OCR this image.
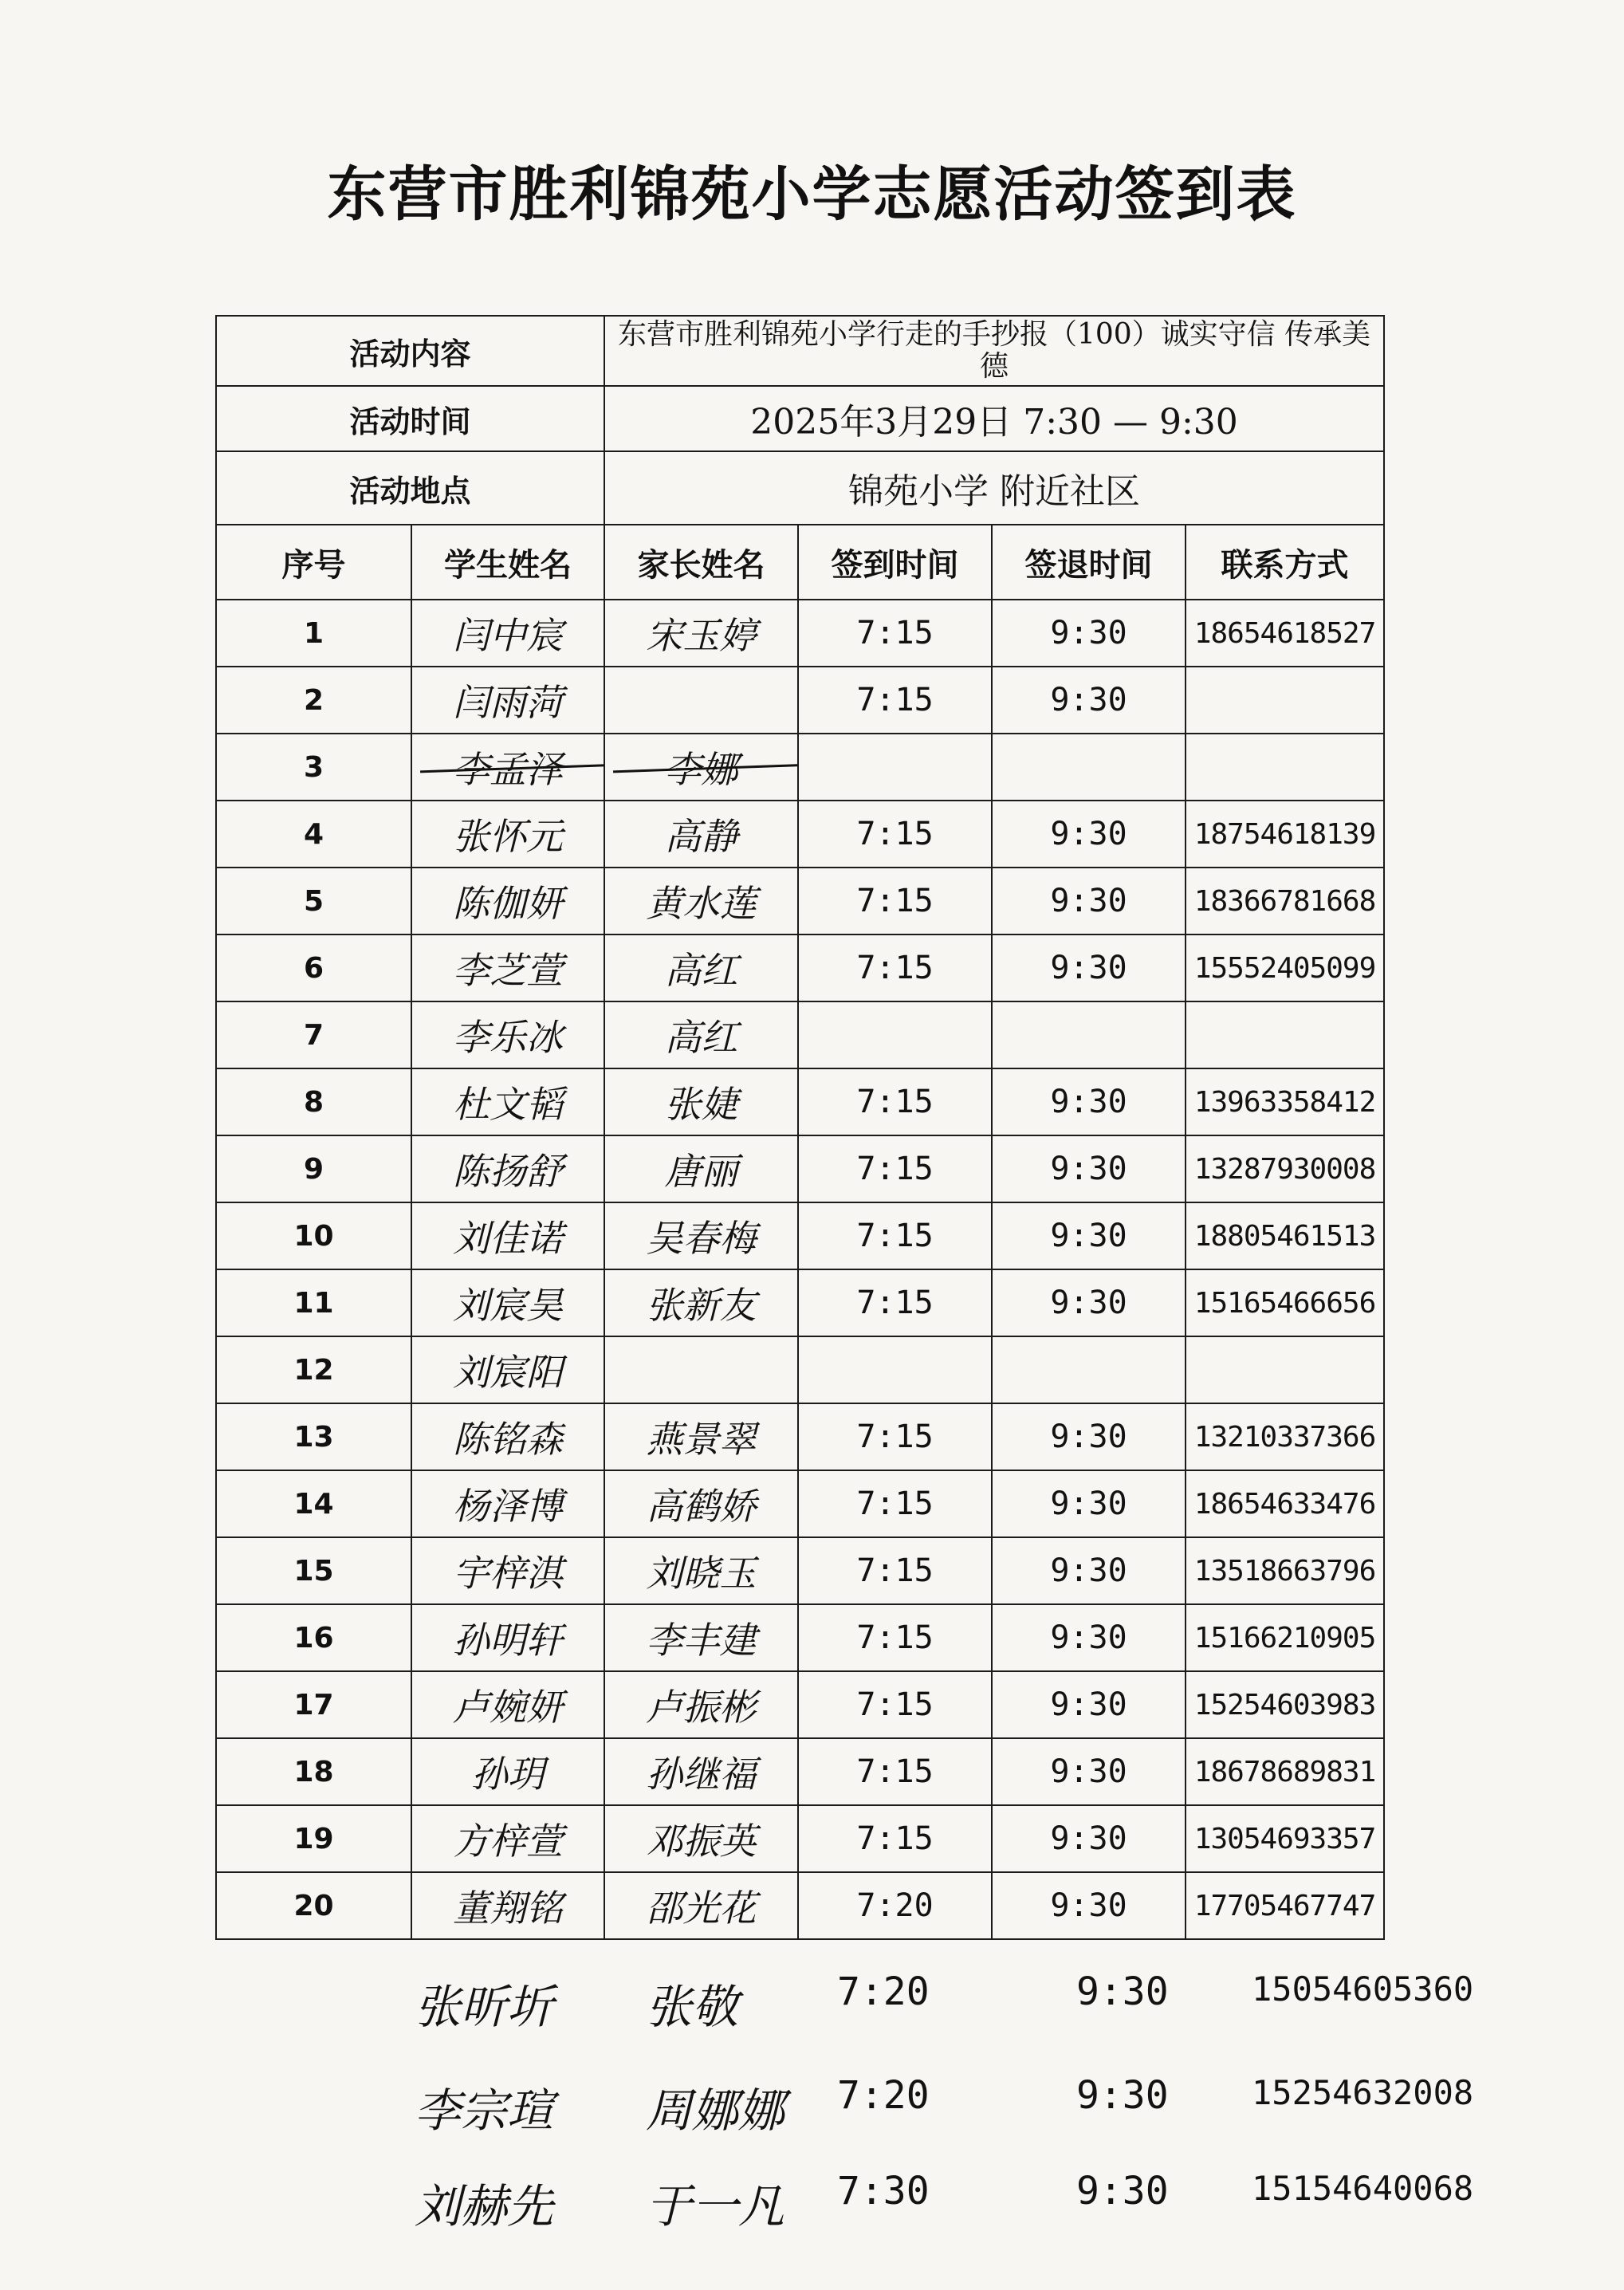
东营市胜利锦苑小学志愿活动签到表
活动内容		东营市胜利锦苑小学行走的手抄报（100）诚实守信 传承美德			
活动时间		2025年3月29日 7:30 — 9:30			
活动地点		锦苑小学 附近社区			
序号	学生姓名	家长姓名	签到时间	签退时间	联系方式
1	闫中宸	宋玉婷	7:15	9:30	18654618527
2	闫雨菏		7:15	9:30	
3	李孟泽	李娜			
4	张怀元	高静	7:15	9:30	18754618139
5	陈伽妍	黄水莲	7:15	9:30	18366781668
6	李芝萱	高红	7:15	9:30	15552405099
7	李乐冰	高红			
8	杜文韬	张婕	7:15	9:30	13963358412
9	陈扬舒	唐丽	7:15	9:30	13287930008
10	刘佳诺	吴春梅	7:15	9:30	18805461513
11	刘宸昊	张新友	7:15	9:30	15165466656
12	刘宸阳				
13	陈铭森	燕景翠	7:15	9:30	13210337366
14	杨泽博	高鹤娇	7:15	9:30	18654633476
15	宇梓淇	刘晓玉	7:15	9:30	13518663796
16	孙明轩	李丰建	7:15	9:30	15166210905
17	卢婉妍	卢振彬	7:15	9:30	15254603983
18	孙玥	孙继福	7:15	9:30	18678689831
19	方梓萱	邓振英	7:15	9:30	13054693357
20	董翔铭	邵光花	7:20	9:30	17705467747
张昕圻 张敬	7:20	9:30 15054605360
李宗瑄 周娜娜 7:20	9:30 15254632008
刘赫先 于一凡 7:30	9:30 15154640068
